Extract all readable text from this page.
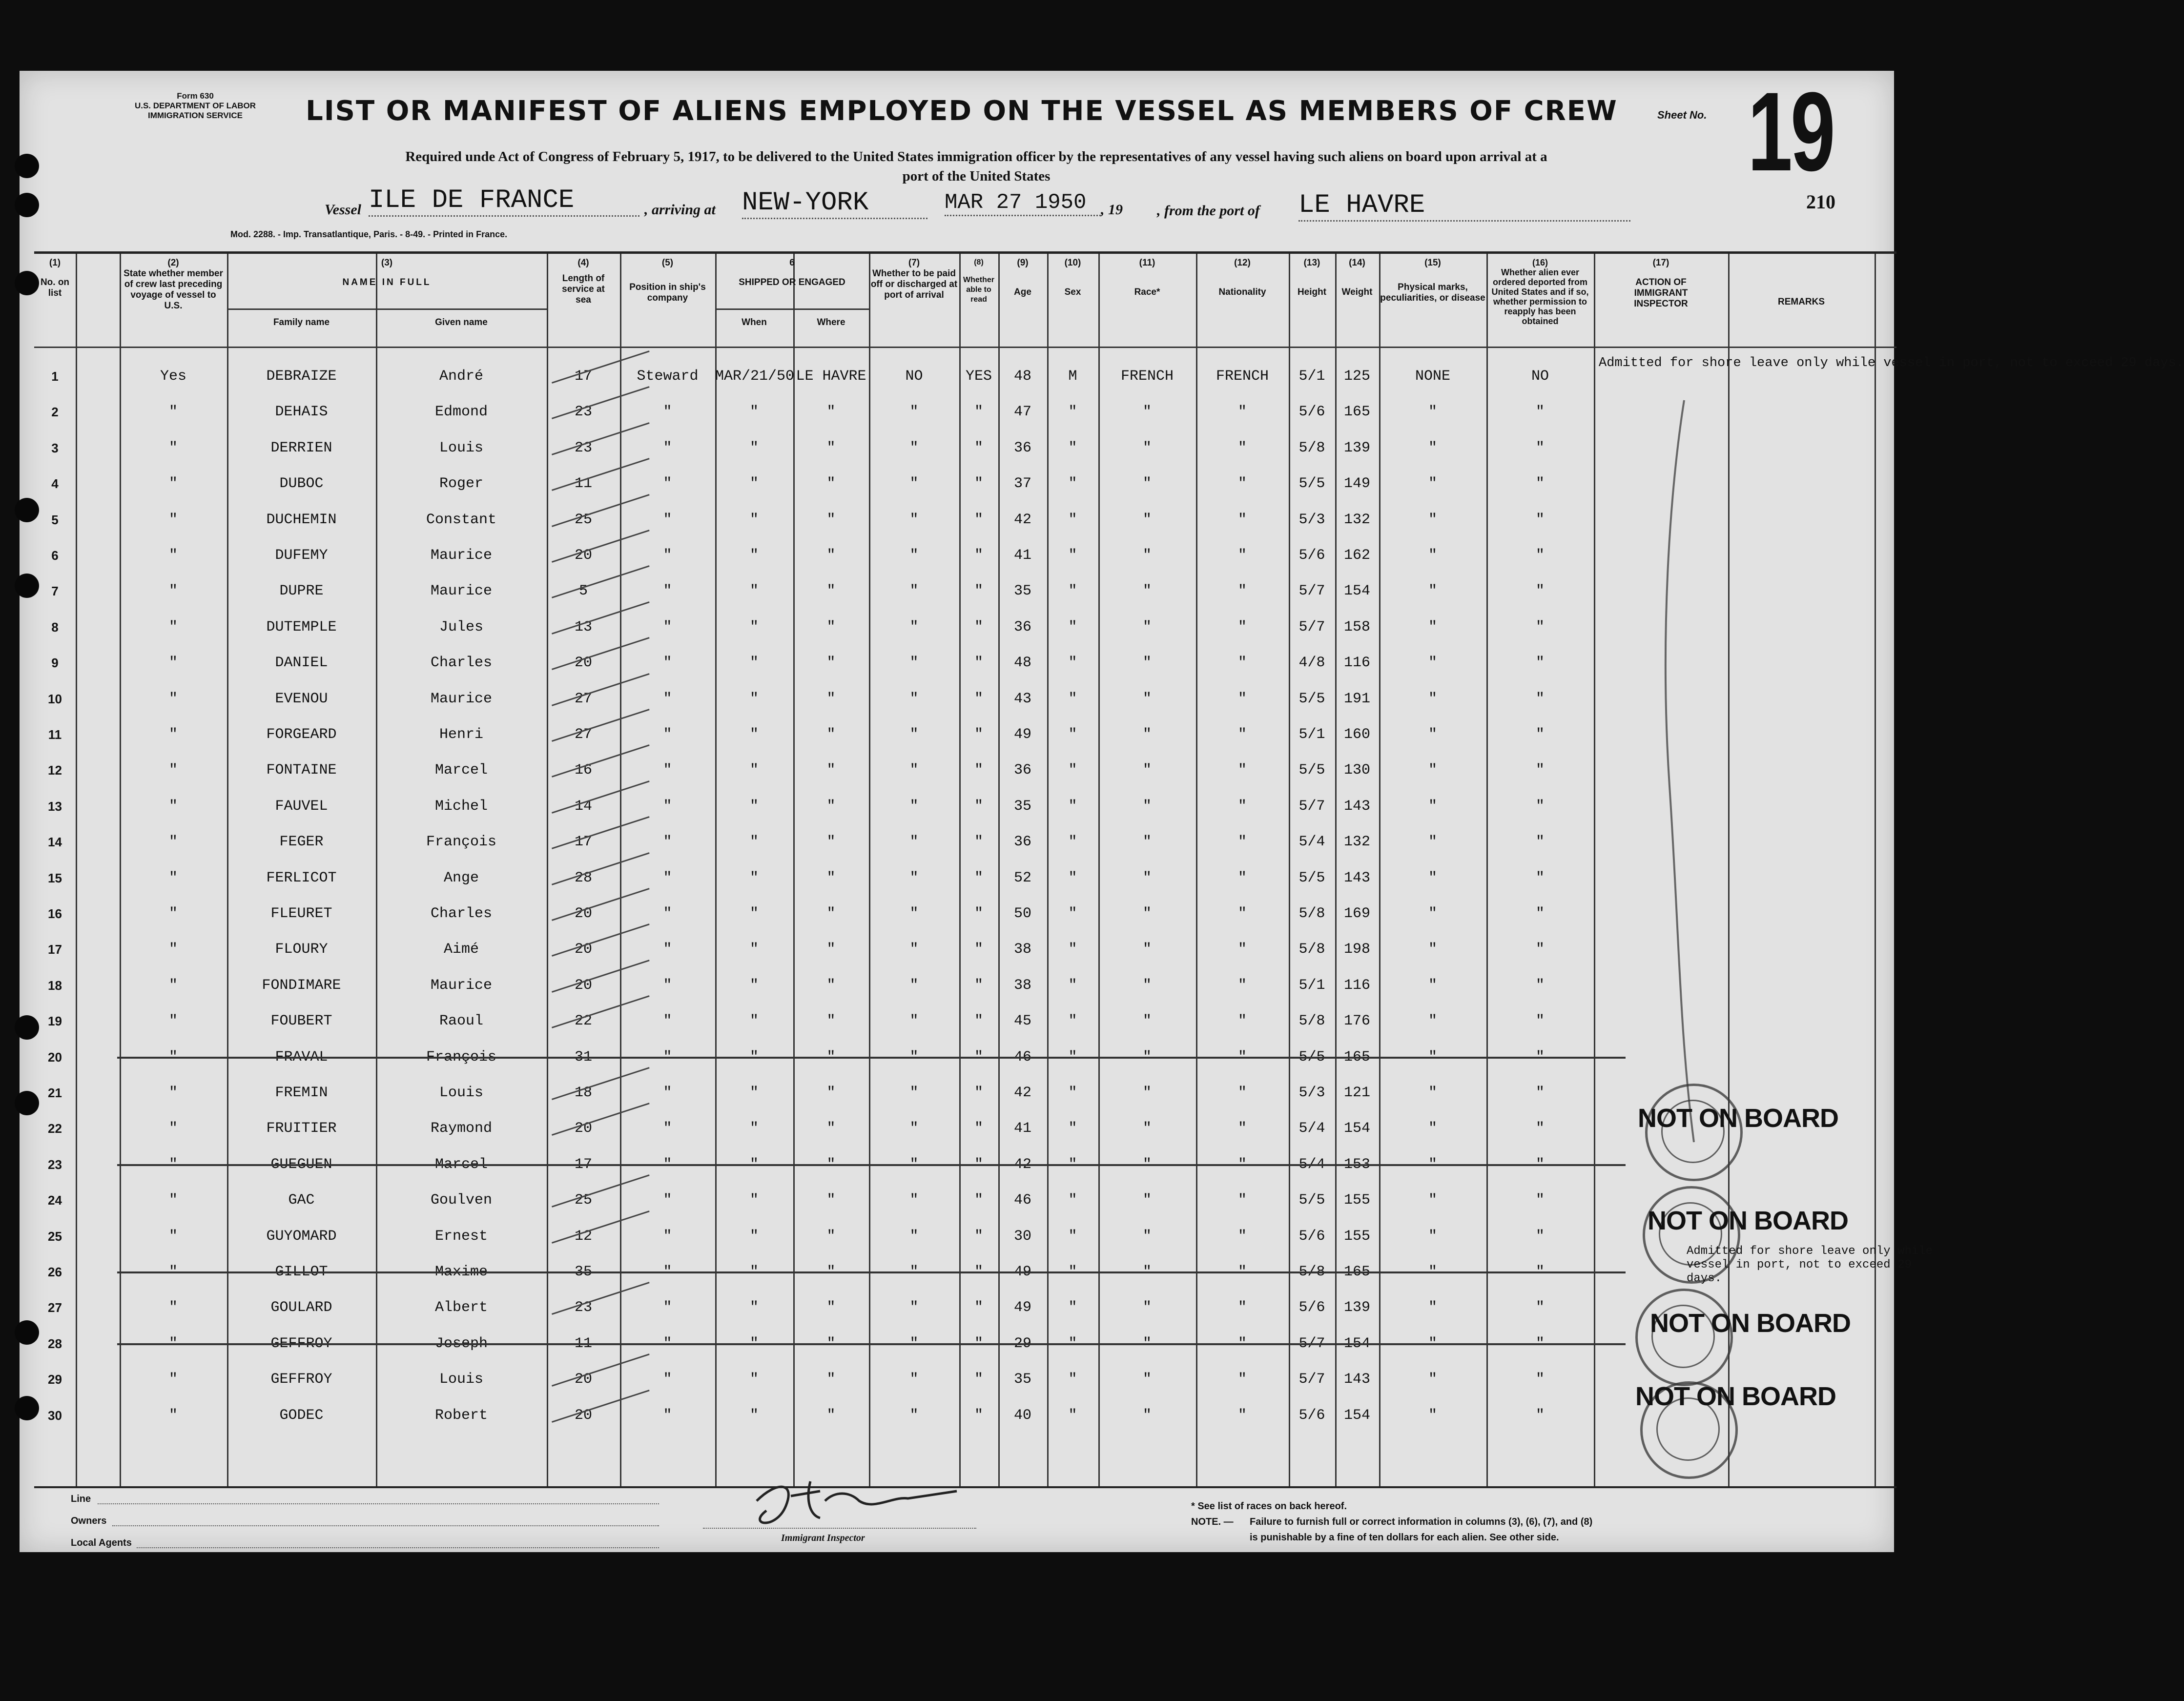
Form 630
U.S. DEPARTMENT OF LABOR
IMMIGRATION SERVICE	LIST OR MANIFEST OF ALIENS EMPLOYED ON THE VESSEL AS MEMBERS OF CREW	Sheet No. 19
210
Required unde Act of Congress of February 5, 1917, to be delivered to the United States immigration officer by the representatives of any vessel having such aliens on board upon arrival at a
port of the United States
Vessel ILE DE FRANCE	, arriving at NEW-YORK	MAR 27 1950 , 19 , from the port of LE HAVRE
Mod. 2288. - Imp. Transatlantique, Paris. - 8-49. - Printed in France.
(1)
No. on list
(2)
State whether member of crew last preceding voyage of vessel to U.S.
(3)
NAME IN FULL
Family name	Given name
(4)
Length of service at sea
(5)
Position in ship's company
6
SHIPPED OR ENGAGED
When	Where
(7)
Whether to be paid off or discharged at port of arrival
(8)
Whether able to read
(9)
Age
(10)
Sex
(11)
Race*
(12)
Nationality
(13)
Height
(14)
Weight
(15)
Physical marks, peculiarities, or disease
(16)
Whether alien ever ordered deported from United States and if so, whether permission to reapply has been obtained
(17)
ACTION OF IMMIGRANT INSPECTOR	REMARKS
1	Yes	DEBRAIZE	André	17	Steward	MAR/21/50 LE HAVRE	NO	YES	48	M	FRENCH	FRENCH	5/1	125	NONE	NO
2	"	DEHAIS	Edmond	23	"	"	"	"	"	47	"	"	"	5/6	165	"	"
3	"	DERRIEN	Louis	23	"	"	"	"	"	36	"	"	"	5/8	139	"	"
4	"	DUBOC	Roger	11	"	"	"	"	"	37	"	"	"	5/5	149	"	"
5	"	DUCHEMIN	Constant	25	"	"	"	"	"	42	"	"	"	5/3	132	"	"
6	"	DUFEMY	Maurice	20	"	"	"	"	"	41	"	"	"	5/6	162	"	"
7	"	DUPRE	Maurice	5	"	"	"	"	"	35	"	"	"	5/7	154	"	"
8	"	DUTEMPLE	Jules	13	"	"	"	"	"	36	"	"	"	5/7	158	"	"
9	"	DANIEL	Charles	20	"	"	"	"	"	48	"	"	"	4/8	116	"	"
10	"	EVENOU	Maurice	27	"	"	"	"	"	43	"	"	"	5/5	191	"	"
11	"	FORGEARD	Henri	27	"	"	"	"	"	49	"	"	"	5/1	160	"	"
12	"	FONTAINE	Marcel	16	"	"	"	"	"	36	"	"	"	5/5	130	"	"
13	"	FAUVEL	Michel	14	"	"	"	"	"	35	"	"	"	5/7	143	"	"
14	"	FEGER	François	17	"	"	"	"	"	36	"	"	"	5/4	132	"	"
15	"	FERLICOT	Ange	28	"	"	"	"	"	52	"	"	"	5/5	143	"	"
16	"	FLEURET	Charles	20	"	"	"	"	"	50	"	"	"	5/8	169	"	"
17	"	FLOURY	Aimé	20	"	"	"	"	"	38	"	"	"	5/8	198	"	"
18	"	FONDIMARE	Maurice	20	"	"	"	"	"	38	"	"	"	5/1	116	"	"
19	"	FOUBERT	Raoul	22	"	"	"	"	"	45	"	"	"	5/8	176	"	"
20	"	FRAVAL	François	31	"	"	"	"	"	46	"	"	"	5/5	165	"	"
21	"	FREMIN	Louis	18	"	"	"	"	"	42	"	"	"	5/3	121	"	"
22	"	FRUITIER	Raymond	20	"	"	"	"	"	41	"	"	"	5/4	154	"	"
23	"	GUEGUEN	Marcel	17	"	"	"	"	"	42	"	"	"	5/4	153	"	"
24	"	GAC	Goulven	25	"	"	"	"	"	46	"	"	"	5/5	155	"	"
25	"	GUYOMARD	Ernest	12	"	"	"	"	"	30	"	"	"	5/6	155	"	"
26	"	GILLOT	Maxime	35	"	"	"	"	"	49	"	"	"	5/8	165	"	"
27	"	GOULARD	Albert	23	"	"	"	"	"	49	"	"	"	5/6	139	"	"
28	"	GEFFROY	Joseph	11	"	"	"	"	"	29	"	"	"	5/7	154	"	"
29	"	GEFFROY	Louis	20	"	"	"	"	"	35	"	"	"	5/7	143	"	"
30	"	GODEC	Robert	20	"	"	"	"	"	40	"	"	"	5/6	154	"	"
Admitted for shore leave only while vessel in port, not to exceed 29 days.
NOT ON BOARD
NOT ON BOARD
Admitted for shore leave only while vessel in port, not to exceed 29 days.
NOT ON BOARD
NOT ON BOARD
Line
Owners
Local Agents	Immigrant Inspector
* See list of races on back hereof.
NOTE. — Failure to furnish full or correct information in columns (3), (6), (7), and (8)
is punishable by a fine of ten dollars for each alien. See other side.
